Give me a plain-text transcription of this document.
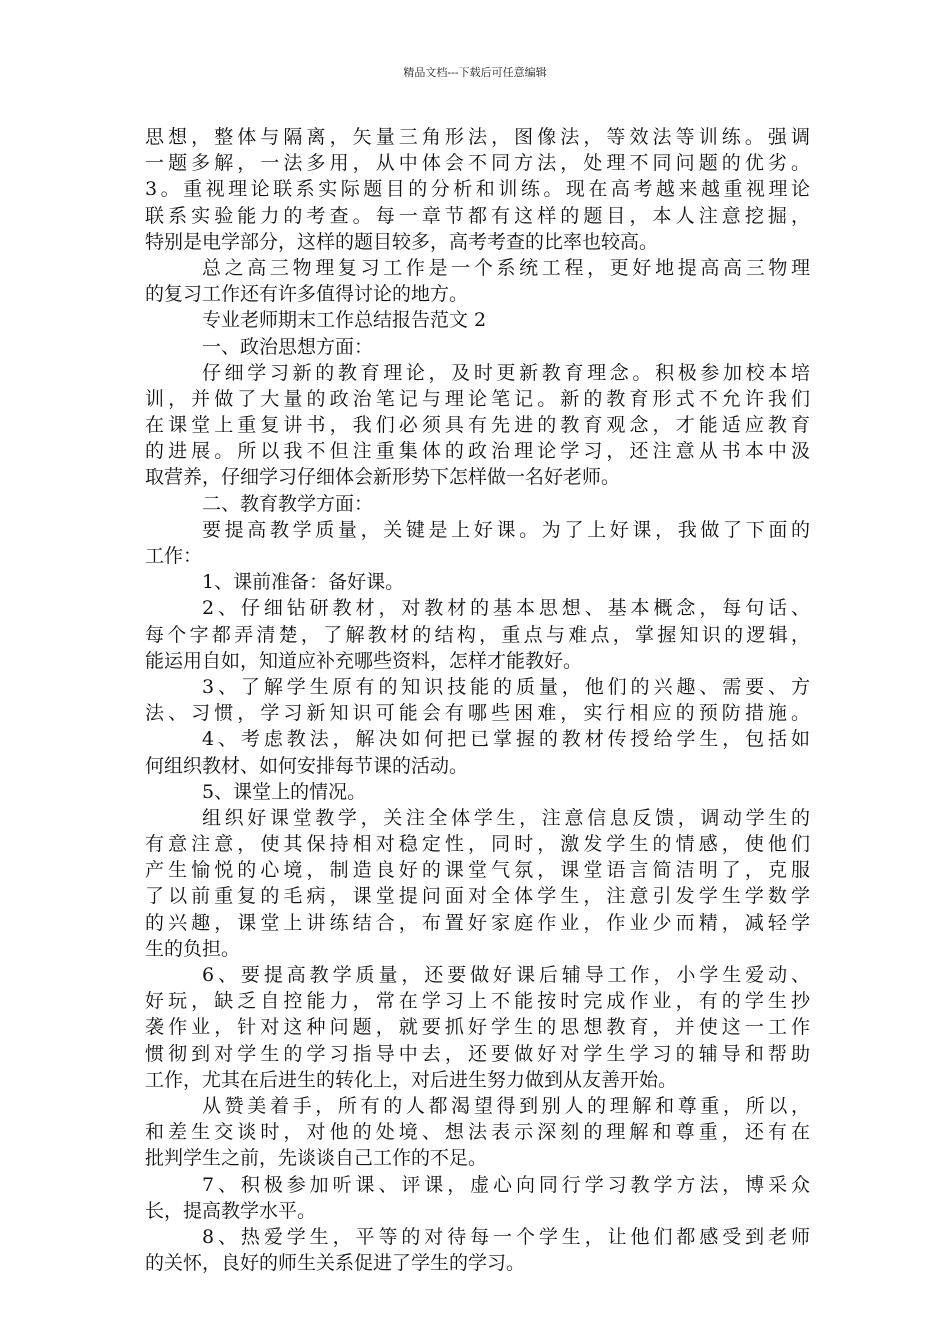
精品文档---下载后可任意编辑
思想，整体与隔离，矢量三角形法，图像法，等效法等训练。强调
一题多解，一法多用，从中体会不同方法，处理不同问题的优劣。
3。重视理论联系实际题目的分析和训练。现在高考越来越重视理论
联系实验能力的考查。每一章节都有这样的题目，本人注意挖掘，
特别是电学部分，这样的题目较多，高考考查的比率也较高。
总之高三物理复习工作是一个系统工程，更好地提高高三物理
的复习工作还有许多值得讨论的地方。
专业老师期末工作总结报告范文 2
一、政治思想方面：
仔细学习新的教育理论，及时更新教育理念。积极参加校本培
训，并做了大量的政治笔记与理论笔记。新的教育形式不允许我们
在课堂上重复讲书，我们必须具有先进的教育观念，才能适应教育
的进展。所以我不但注重集体的政治理论学习，还注意从书本中汲
取营养，仔细学习仔细体会新形势下怎样做一名好老师。
二、教育教学方面：
要提高教学质量，关键是上好课。为了上好课，我做了下面的
工作：
1、课前准备：备好课。
2、仔细钻研教材，对教材的基本思想、基本概念，每句话、
每个字都弄清楚，了解教材的结构，重点与难点，掌握知识的逻辑，
能运用自如，知道应补充哪些资料，怎样才能教好。
3、了解学生原有的知识技能的质量，他们的兴趣、需要、方
法、习惯，学习新知识可能会有哪些困难，实行相应的预防措施。
4、考虑教法，解决如何把已掌握的教材传授给学生，包括如
何组织教材、如何安排每节课的活动。
5、课堂上的情况。
组织好课堂教学，关注全体学生，注意信息反馈，调动学生的
有意注意，使其保持相对稳定性，同时，激发学生的情感，使他们
产生愉悦的心境，制造良好的课堂气氛，课堂语言简洁明了，克服
了以前重复的毛病，课堂提问面对全体学生，注意引发学生学数学
的兴趣，课堂上讲练结合，布置好家庭作业，作业少而精，减轻学
生的负担。
6、要提高教学质量，还要做好课后辅导工作，小学生爱动、
好玩，缺乏自控能力，常在学习上不能按时完成作业，有的学生抄
袭作业，针对这种问题，就要抓好学生的思想教育，并使这一工作
惯彻到对学生的学习指导中去，还要做好对学生学习的辅导和帮助
工作，尤其在后进生的转化上，对后进生努力做到从友善开始。
从赞美着手，所有的人都渴望得到别人的理解和尊重，所以，
和差生交谈时，对他的处境、想法表示深刻的理解和尊重，还有在
批判学生之前，先谈谈自己工作的不足。
7、积极参加听课、评课，虚心向同行学习教学方法，博采众
长，提高教学水平。
8、热爱学生，平等的对待每一个学生，让他们都感受到老师
的关怀，良好的师生关系促进了学生的学习。
